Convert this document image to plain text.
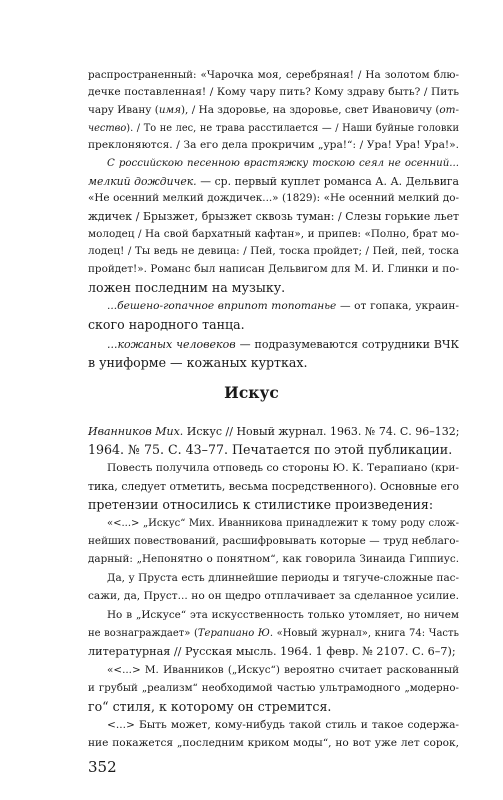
распространенный: «Чарочка моя, серебряная! / На золотом блю-

дечке поставленная! / Кому чару пить? Кому здраву быть? / Пить

чару Ивану (имя), / На здоровье, на здоровье, свет Ивановичу (от-

чество). / То не лес, не трава расстилается — / Наши буйные головки

преклоняются. / За его дела прокричим „ура!“: / Ура! Ура! Ура!».

С российскою песенною врастяжку тоскою сеял не осенний...

мелкий дождичек. — ср. первый куплет романса А. А. Дельвига

«Не осенний мелкий дождичек...» (1829): «Не осенний мелкий до-

ждичек / Брызжет, брызжет сквозь туман: / Слезы горькие льет

молодец / На свой бархатный кафтан», и припев: «Полно, брат мо-

лодец! / Ты ведь не девица: / Пей, тоска пройдет; / Пей, пей, тоска

пройдет!». Романс был написан Дельвигом для М. И. Глинки и по-

ложен последним на музыку.

...бешено-гопачное вприпот топотанье — от гопака, украин-

ского народного танца.

...кожаных человеков — подразумеваются сотрудники ВЧК

в униформе — кожаных куртках.

Искус

Иванников Мих. Искус // Новый журнал. 1963. № 74. С. 96–132;

1964. № 75. С. 43–77. Печатается по этой публикации.

Повесть получила отповедь со стороны Ю. К. Терапиано (кри-

тика, следует отметить, весьма посредственного). Основные его

претензии относились к стилистике произведения:

«<...> „Искус“ Мих. Иванникова принадлежит к тому роду слож-

нейших повествований, расшифровывать которые — труд неблаго-

дарный: „Непонятно о понятном“, как говорила Зинаида Гиппиус.

Да, у Пруста есть длиннейшие периоды и тягуче-сложные пас-

сажи, да, Пруст... но он щедро отплачивает за сделанное усилие.

Но в „Искусе“ эта искусственность только утомляет, но ничем

не вознаграждает» (Терапиано Ю. «Новый журнал», книга 74: Часть

литературная // Русская мысль. 1964. 1 февр. № 2107. С. 6–7);

«<...> М. Иванников („Искус“) вероятно считает раскованный

и грубый „реализм“ необходимой частью ультрамодного „модерно-

го“ стиля, к которому он стремится.

<...> Быть может, кому-нибудь такой стиль и такое содержа-

ние покажется „последним криком моды“, но вот уже лет сорок,

352
